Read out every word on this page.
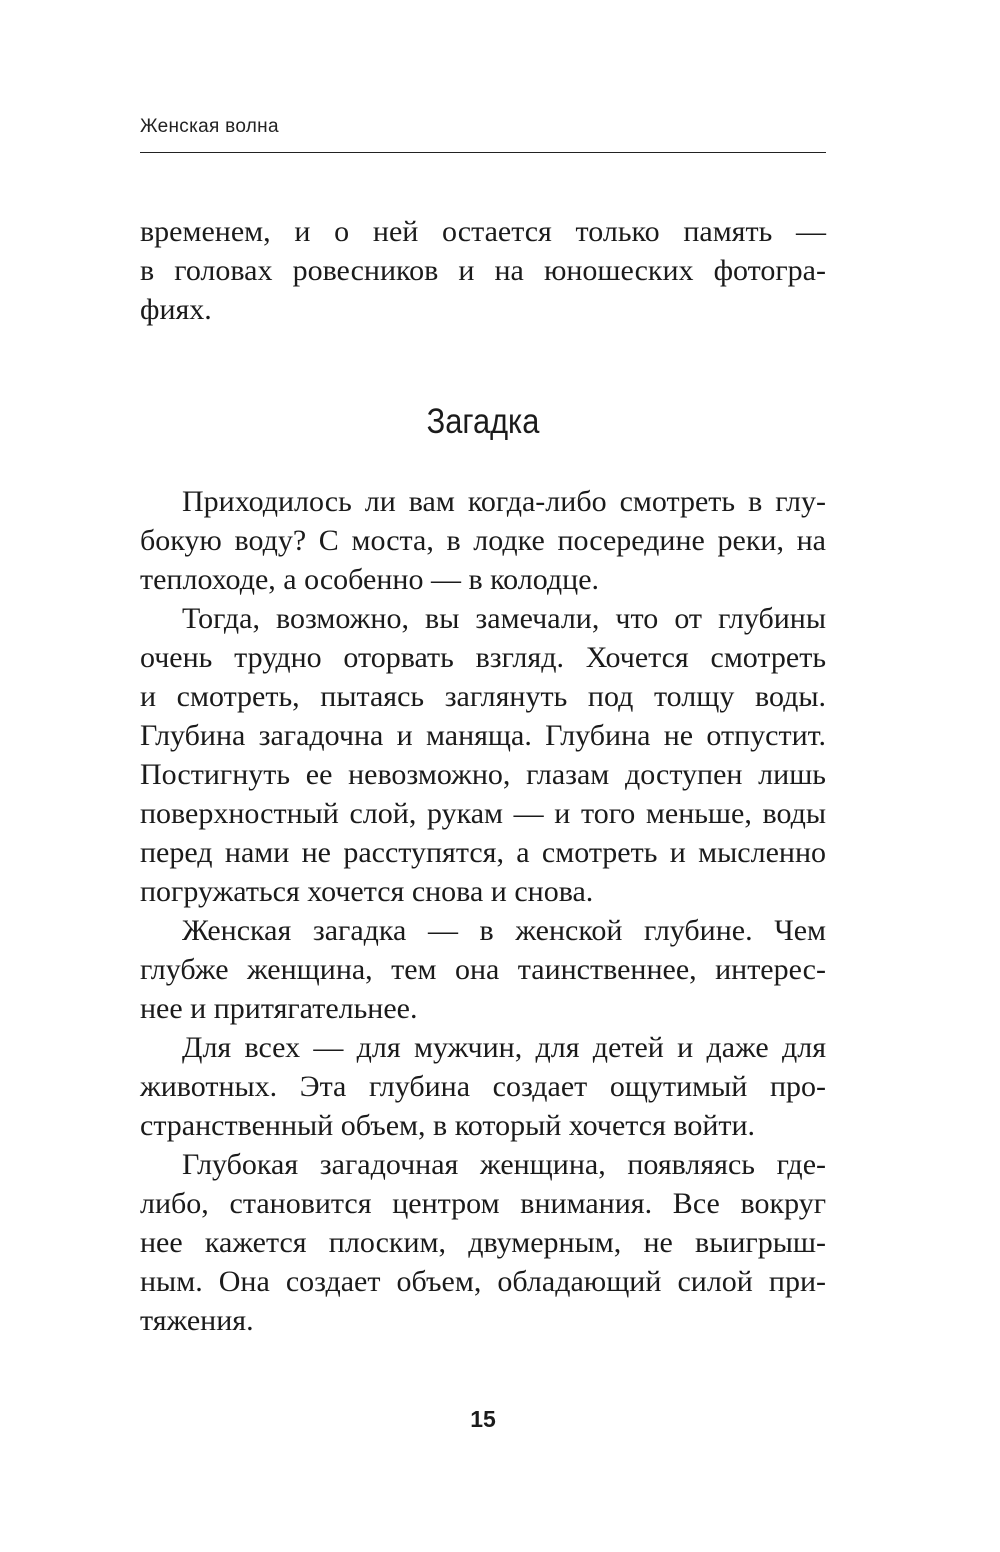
Женская волна
временем, и о ней остается только память —
в головах ровесников и на юношеских фотогра-
фиях.
Загадка
Приходилось ли вам когда-либо смотреть в глу-
бокую воду? С моста, в лодке посередине реки, на
теплоходе, а особенно — в колодце.
Тогда, возможно, вы замечали, что от глубины
очень трудно оторвать взгляд. Хочется смотреть
и смотреть, пытаясь заглянуть под толщу воды.
Глубина загадочна и манящa. Глубина не отпустит.
Постигнуть ее невозможно, глазам доступен лишь
поверхностный слой, рукам — и того меньше, воды
перед нами не расступятся, а смотреть и мысленно
погружаться хочется снова и снова.
Женская загадка — в женской глубине. Чем
глубже женщина, тем она таинственнее, интерес-
нее и притягательнее.
Для всех — для мужчин, для детей и даже для
животных. Эта глубина создает ощутимый про-
странственный объем, в который хочется войти.
Глубокая загадочная женщина, появляясь где-
либо, становится центром внимания. Все вокруг
нее кажется плоским, двумерным, не выигрыш-
ным. Она создает объем, обладающий силой при-
тяжения.
15
